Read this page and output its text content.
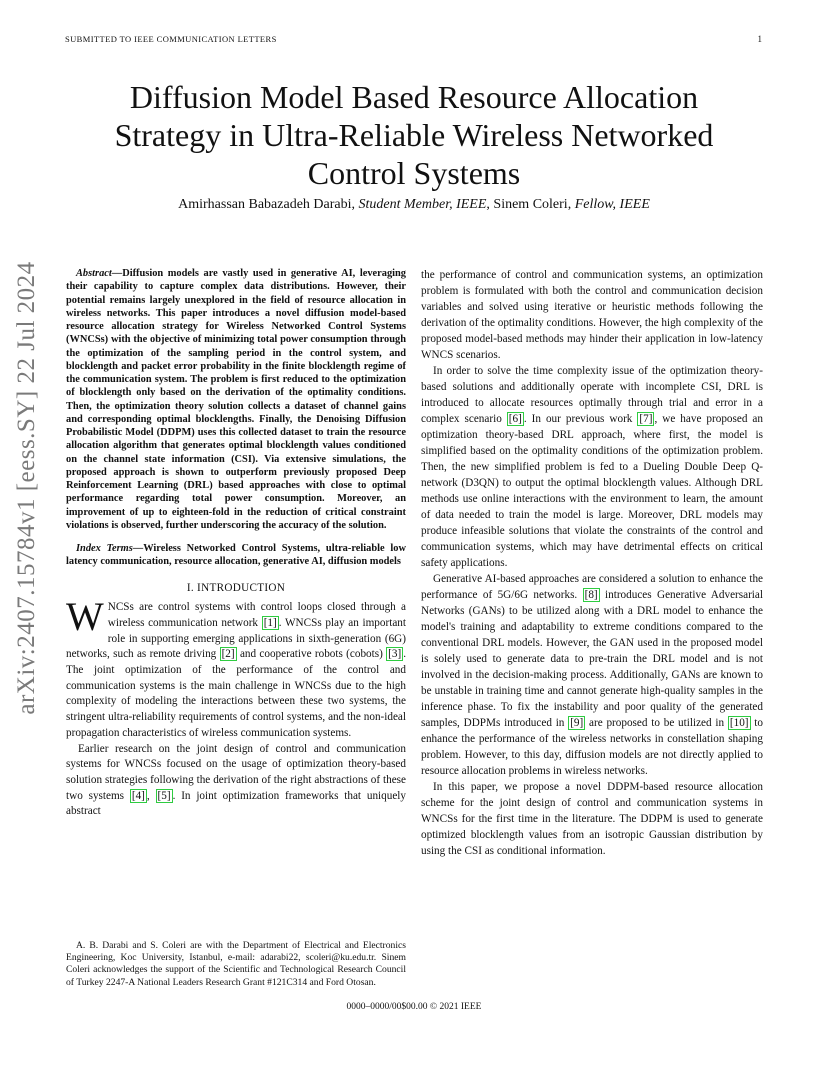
SUBMITTED TO IEEE COMMUNICATION LETTERS	1
Diffusion Model Based Resource Allocation
Strategy in Ultra-Reliable Wireless Networked
Control Systems
Amirhassan Babazadeh Darabi, Student Member, IEEE, Sinem Coleri, Fellow, IEEE
arXiv:2407.15784v1 [eess.SY] 22 Jul 2024	Abstract—Diffusion models are vastly used in generative AI, leveraging their capability to capture complex data distributions. However, their potential remains largely unexplored in the field of resource allocation in wireless networks. This paper introduces a novel diffusion model-based resource allocation strategy for Wireless Networked Control Systems (WNCSs) with the objective of minimizing total power consumption through the optimization of the sampling period in the control system, and blocklength and packet error probability in the finite blocklength regime of the communication system. The problem is first reduced to the optimization of blocklength only based on the derivation of the optimality conditions. Then, the optimization theory solution collects a dataset of channel gains and corresponding optimal blocklengths. Finally, the Denoising Diffusion Probabilistic Model (DDPM) uses this collected dataset to train the resource allocation algorithm that generates optimal blocklength values conditioned on the channel state information (CSI). Via extensive simulations, the proposed approach is shown to outperform previously proposed Deep Reinforcement Learning (DRL) based approaches with close to optimal performance regarding total power consumption. Moreover, an improvement of up to eighteen-fold in the reduction of critical constraint violations is observed, further underscoring the accuracy of the solution.

Index Terms—Wireless Networked Control Systems, ultra-reliable low latency communication, resource allocation, generative AI, diffusion models

I. INTRODUCTION

W NCSs are control systems with control loops closed through a wireless communication network [1] . WNCSs play an important role in supporting emerging applications in sixth-generation (6G) networks, such as remote driving [2] and cooperative robots (cobots) [3] . The joint optimization of the performance of the control and communication systems is the main challenge in WNCSs due to the high complexity of modeling the interactions between these two systems, the stringent ultra-reliability requirements of control systems, and the non-ideal propagation characteristics of wireless communication systems.

Earlier research on the joint design of control and communication systems for WNCSs focused on the usage of optimization theory-based solution strategies following the derivation of the right abstractions of these two systems [4] , [5] . In joint optimization frameworks that uniquely abstract

A. B. Darabi and S. Coleri are with the Department of Electrical and Electronics Engineering, Koc University, Istanbul, e-mail: adarabi22, scoleri@ku.edu.tr. Sinem Coleri acknowledges the support of the Scientific and Technological Research Council of Turkey 2247-A National Leaders Research Grant #121C314 and Ford Otosan.

the performance of control and communication systems, an optimization problem is formulated with both the control and communication decision variables and solved using iterative or heuristic methods following the derivation of the optimality conditions. However, the high complexity of the proposed model-based methods may hinder their application in low-latency WNCS scenarios.

In order to solve the time complexity issue of the optimization theory-based solutions and additionally operate with incomplete CSI, DRL is introduced to allocate resources optimally through trial and error in a complex scenario [6] . In our previous work [7] , we have proposed an optimization theory-based DRL approach, where first, the model is simplified based on the optimality conditions of the optimization problem. Then, the new simplified problem is fed to a Dueling Double Deep Q-network (D3QN) to output the optimal blocklength values. Although DRL methods use online interactions with the environment to learn, the amount of data needed to train the model is large. Moreover, DRL models may produce infeasible solutions that violate the constraints of the control and communication systems, which may have detrimental effects on critical safety applications.

Generative AI-based approaches are considered a solution to enhance the performance of 5G/6G networks. [8] introduces Generative Adversarial Networks (GANs) to be utilized along with a DRL model to enhance the model's training and adaptability to extreme conditions compared to the conventional DRL models. However, the GAN used in the proposed model is solely used to generate data to pre-train the DRL model and is not involved in the decision-making process. Additionally, GANs are known to be unstable in training time and cannot generate high-quality samples in the inference phase. To fix the instability and poor quality of the generated samples, DDPMs introduced in [9] are proposed to be utilized in [10] to enhance the performance of the wireless networks in constellation shaping problem. However, to this day, diffusion models are not directly applied to resource allocation problems in wireless networks.

In this paper, we propose a novel DDPM-based resource allocation scheme for the joint design of control and communication systems in WNCSs for the first time in the literature. The DDPM is used to generate optimized blocklength values from an isotropic Gaussian distribution by using the CSI as conditional information.

0000–0000/00$00.00 © 2021 IEEE
